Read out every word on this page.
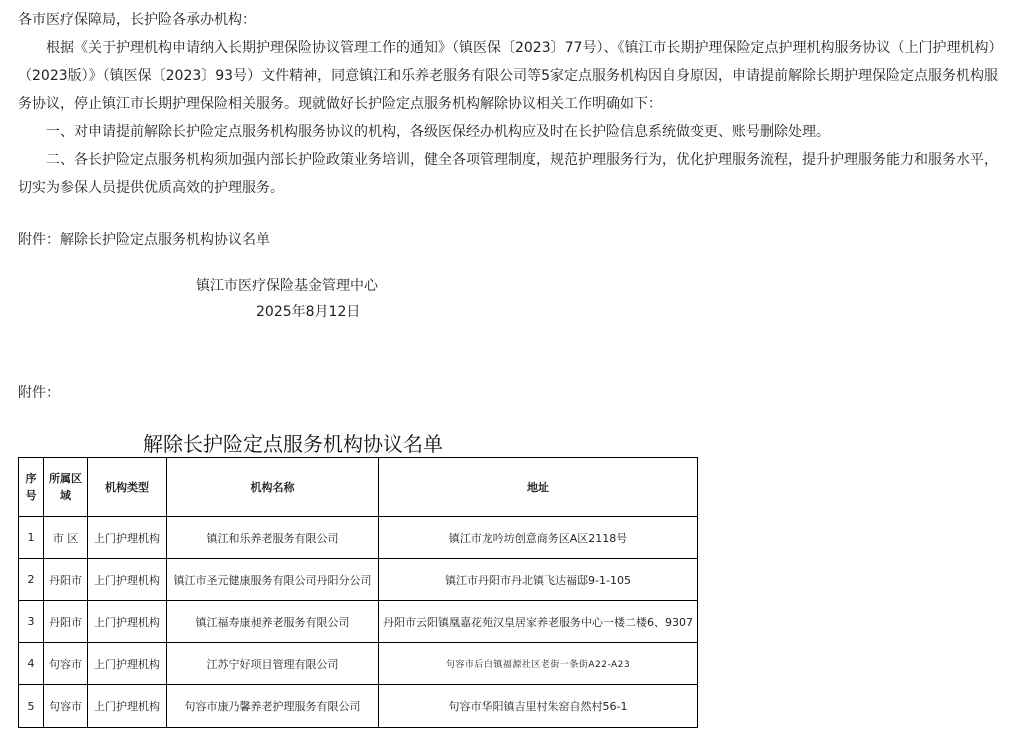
各市医疗保障局，长护险各承办机构：

根据《关于护理机构申请纳入长期护理保险协议管理工作的通知》（镇医保〔2023〕77号）、《镇江市长期护理保险定点护理机构服务协议（上门护理机构）（2023版）》（镇医保〔2023〕93号）文件精神，同意镇江和乐养老服务有限公司等5家定点服务机构因自身原因，申请提前解除长期护理保险定点服务机构服务协议，停止镇江市长期护理保险相关服务。现就做好长护险定点服务机构解除协议相关工作明确如下：

一、对申请提前解除长护险定点服务机构服务协议的机构，各级医保经办机构应及时在长护险信息系统做变更、账号删除处理。

二、各长护险定点服务机构须加强内部长护险政策业务培训，健全各项管理制度，规范护理服务行为，优化护理服务流程，提升护理服务能力和服务水平，切实为参保人员提供优质高效的护理服务。

附件：解除长护险定点服务机构协议名单

镇江市医疗保险基金管理中心
2025年8月12日
附件：
解除长护险定点服务机构协议名单
序号	所属区域	机构类型	机构名称	地址
1	市 区	上门护理机构	镇江和乐养老服务有限公司	镇江市龙吟坊创意商务区A区2118号
2	丹阳市	上门护理机构	镇江市圣元健康服务有限公司丹阳分公司	镇江市丹阳市丹北镇飞达福邸9-1-105
3	丹阳市	上门护理机构	镇江福寿康昶养老服务有限公司	丹阳市云阳镇凰嘉花苑汉皇居家养老服务中心一楼二楼6、9307
4	句容市	上门护理机构	江苏宁好项目管理有限公司	句容市后白镇福源社区老街一条街A22-A23
5	句容市	上门护理机构	句容市康乃馨养老护理服务有限公司	句容市华阳镇吉里村朱窑自然村56-1
